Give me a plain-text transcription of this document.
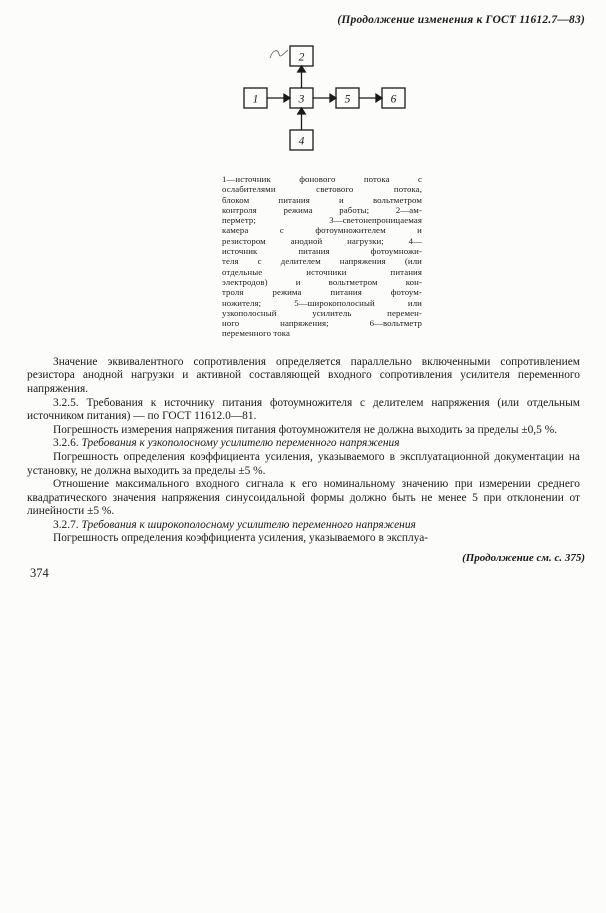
(Продолжение изменения к ГОСТ 11612.7—83)
1
2
3
4
5	6
1—источник фонового потока с
ослабителями светового потока,
блоком питания и вольтметром
контроля режима работы; 2—ам-
перметр; 3—светонепроницаемая
камера с фотоумножителем и
резистором анодной нагрузки; 4—
источник питания фотоумножи-
теля с делителем напряжения (или
отдельные источники питания
электродов) и вольтметром кон-
троля режима питания фотоум-
ножителя; 5—широкополосный или
узкополосный усилитель перемен-
ного напряжения; 6—вольтметр
переменного тока

Значение эквивалентного сопротивления определяется параллельно включенными сопротивлением резистора анодной нагрузки и активной составляющей входного сопротивления усилителя переменного напряжения.

3.2.5. Требования к источнику питания фотоумножителя с делителем напряжения (или отдельным источником питания) — по ГОСТ 11612.0—81.

Погрешность измерения напряжения питания фотоумножителя не должна выходить за пределы ±0,5 %.

3.2.6. Требования к узкополосному усилителю переменного напряжения

Погрешность определения коэффициента усиления, указываемого в эксплуатационной документации на установку, не должна выходить за пределы ±5 %.

Отношение максимального входного сигнала к его номинальному значению при измерении среднего квадратического значения напряжения синусоидальной формы должно быть не менее 5 при отклонении от линейности ±5 %.

3.2.7. Требования к широкополосному усилителю переменного напряжения

Погрешность определения коэффициента усиления, указываемого в эксплуа-

(Продолжение см. с. 375)
374
